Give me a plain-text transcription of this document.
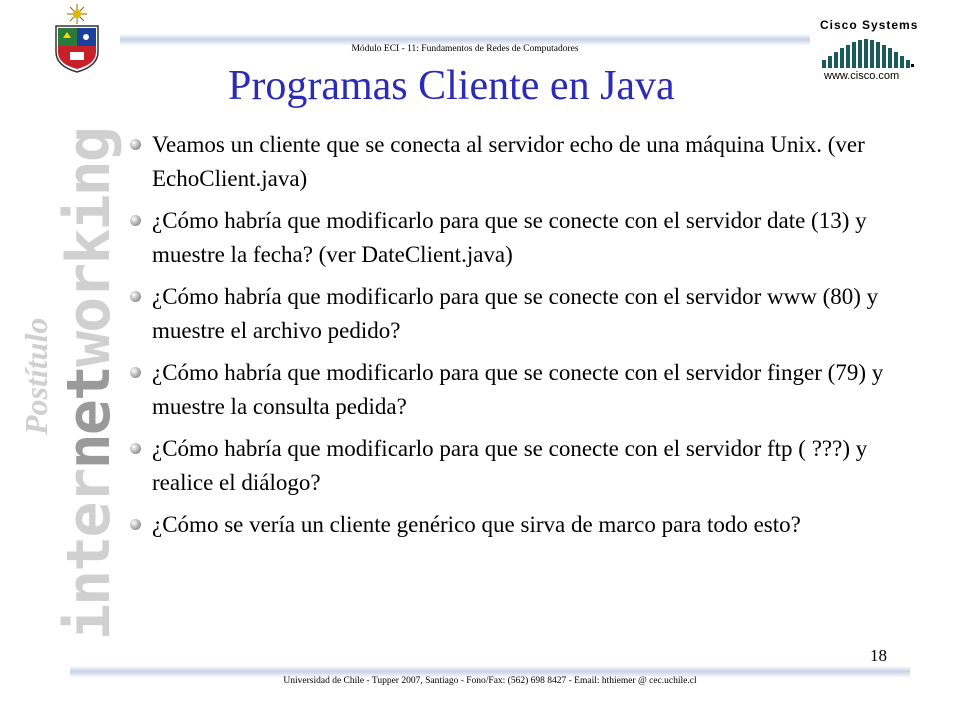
Módulo ECI - 11: Fundamentos de Redes de Computadores
Cisco Systems
www.cisco.com
internetworking
Postítulo
Programas Cliente en Java
Veamos un cliente que se conecta al servidor echo de una máquina Unix. (ver EchoClient.java)
¿Cómo habría que modificarlo para que se conecte con el servidor date (13) y muestre la fecha? (ver DateClient.java)
¿Cómo habría que modificarlo para que se conecte con el servidor www (80) y muestre el archivo pedido?
¿Cómo habría que modificarlo para que se conecte con el servidor finger (79) y muestre la consulta pedida?
¿Cómo habría que modificarlo para que se conecte con el servidor ftp ( ???) y realice el diálogo?
¿Cómo se vería un cliente genérico que sirva de marco para todo esto?
18
Universidad de Chile - Tupper 2007, Santiago - Fono/Fax: (562) 698 8427 - Email: hthiemer @ cec.uchile.cl
